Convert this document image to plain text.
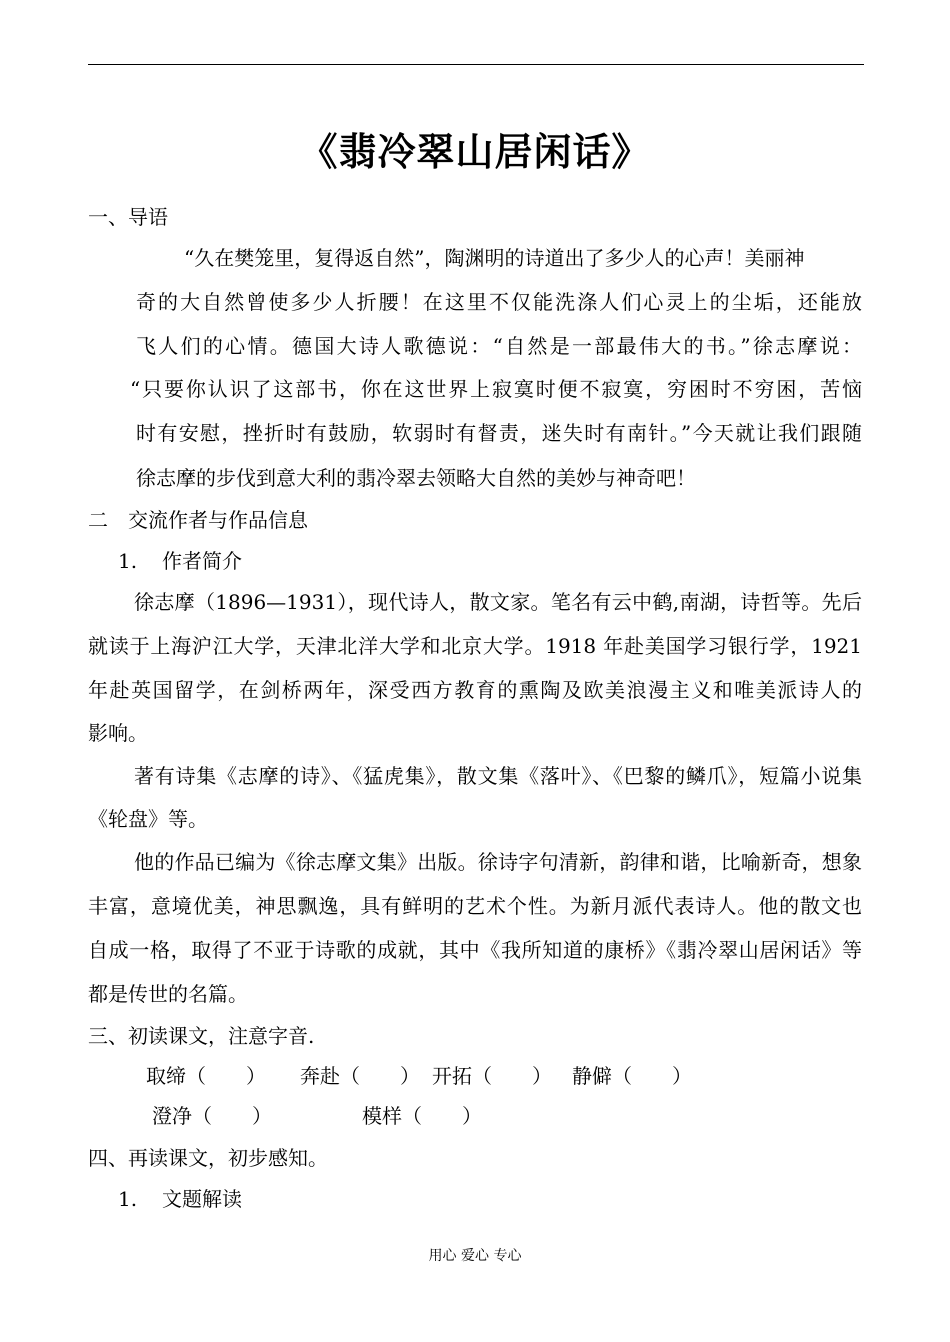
《翡冷翠山居闲话》
一、导语
“久在樊笼里，复得返自然”，陶渊明的诗道出了多少人的心声！美丽神
奇的大自然曾使多少人折腰！在这里不仅能洗涤人们心灵上的尘垢，还能放
飞人们的心情。德国大诗人歌德说：“自然是一部最伟大的书。”徐志摩说：
“只要你认识了这部书，你在这世界上寂寞时便不寂寞，穷困时不穷困，苦恼
时有安慰，挫折时有鼓励，软弱时有督责，迷失时有南针。”今天就让我们跟随
徐志摩的步伐到意大利的翡冷翠去领略大自然的美妙与神奇吧！
二　交流作者与作品信息
1. 作者简介
徐志摩（1896—1931），现代诗人，散文家。笔名有云中鹤,南湖，诗哲等。先后
就读于上海沪江大学，天津北洋大学和北京大学。1918 年赴美国学习银行学，1921
年赴英国留学，在剑桥两年，深受西方教育的熏陶及欧美浪漫主义和唯美派诗人的
影响。
著有诗集《志摩的诗》、《猛虎集》，散文集《落叶》、《巴黎的鳞爪》，短篇小说集
《轮盘》等。
他的作品已编为《徐志摩文集》出版。徐诗字句清新，韵律和谐，比喻新奇，想象
丰富，意境优美，神思飘逸，具有鲜明的艺术个性。为新月派代表诗人。他的散文也
自成一格，取得了不亚于诗歌的成就，其中《我所知道的康桥》《翡冷翠山居闲话》等
都是传世的名篇。
三、初读课文，注意字音.
取缔（　　） 奔赴（　　） 开拓（　　） 静僻（　　）
澄净（　　）	模样（　　）
四、再读课文，初步感知。
1. 文题解读
用心 爱心 专心
